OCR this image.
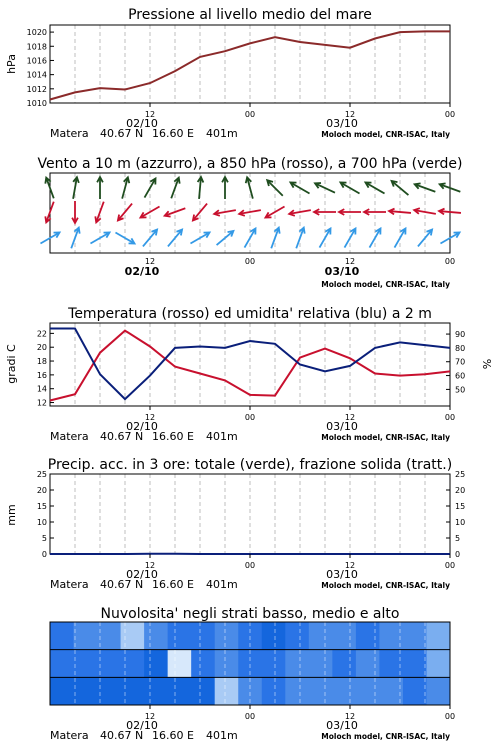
Pressione al livello medio del mare
Vento a 10 m (azzurro), a 850 hPa (rosso), a 700 hPa (verde)
Temperatura (rosso) ed umidita' relativa (blu) a 2 m
Precip. acc. in 3 ore: totale (verde), frazione solida (tratt.)
Nuvolosita' negli strati basso, medio e alto
hPa
gradi C	%
mm
1010
1012
1014
1016
1018
1020
12	00	12	00
02/10	03/10
Matera 40.67 N 16.60 E 401m	Moloch model, CNR-ISAC, Italy
12	00	12	00
02/10	03/10
Moloch model, CNR-ISAC, Italy
12
14
16
18
20
22
50
60
70
80
90
12	00	12	00
02/10	03/10
Matera 40.67 N 16.60 E 401m	Moloch model, CNR-ISAC, Italy
0
5
10
15
20
25
0
5
10
15
20
25
12	00	12	00
02/10	03/10
Matera 40.67 N 16.60 E 401m	Moloch model, CNR-ISAC, Italy
12	00	12	00
02/10	03/10
Matera 40.67 N 16.60 E 401m	Moloch model, CNR-ISAC, Italy
